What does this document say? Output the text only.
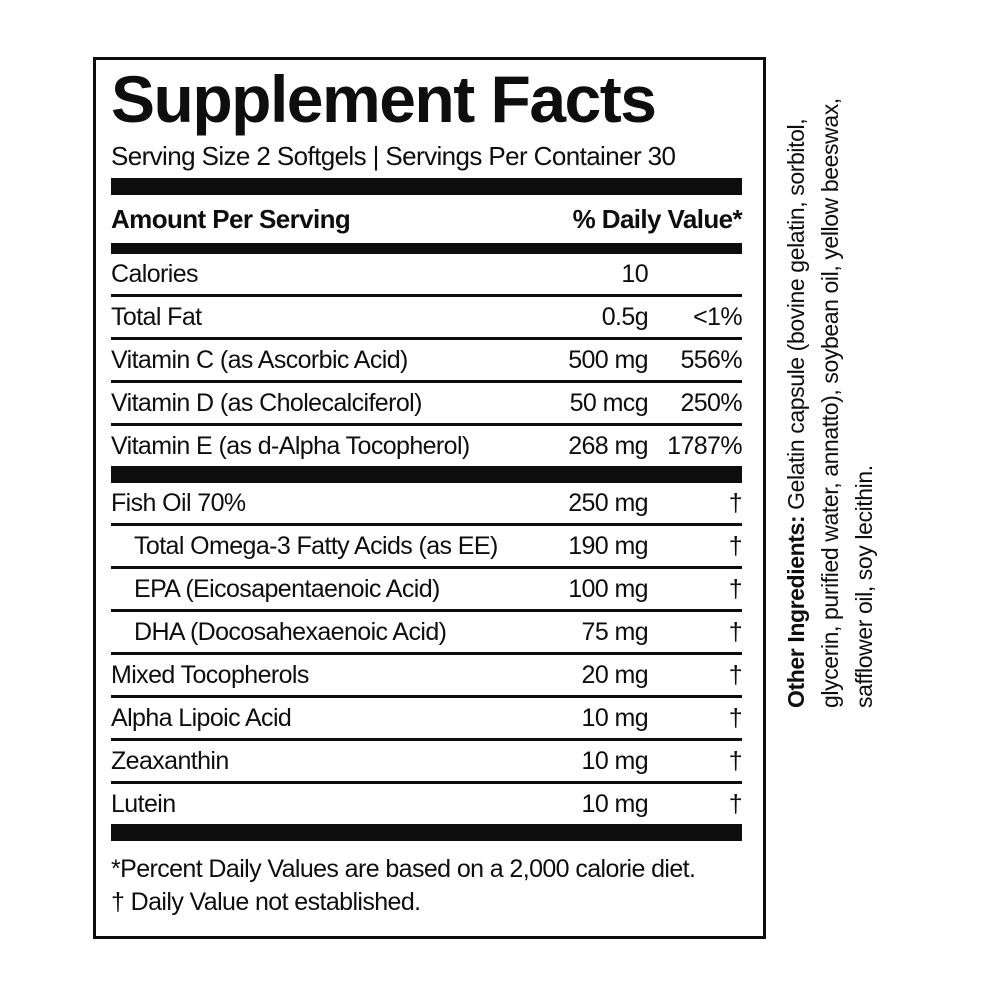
Supplement Facts
Serving Size 2 Softgels | Servings Per Container 30
Amount Per Serving	% Daily Value*
Calories	10
Total Fat	0.5g	<1%
Vitamin C (as Ascorbic Acid)	500 mg	556%
Vitamin D (as Cholecalciferol)	50 mcg	250%
Vitamin E (as d-Alpha Tocopherol)	268 mg 1787%
Fish Oil 70%	250 mg	†
Total Omega-3 Fatty Acids (as EE)	190 mg	†
EPA (Eicosapentaenoic Acid)	100 mg	†
DHA (Docosahexaenoic Acid)	75 mg	†
Mixed Tocopherols	20 mg	†
Alpha Lipoic Acid	10 mg	†
Zeaxanthin	10 mg	†
Lutein	10 mg	†
*Percent Daily Values are based on a 2,000 calorie diet.
† Daily Value not established.
Other Ingredients: Gelatin capsule (bovine gelatin, sorbitol, glycerin, purified water, annatto), soybean oil, yellow beeswax, safflower oil, soy lecithin.
